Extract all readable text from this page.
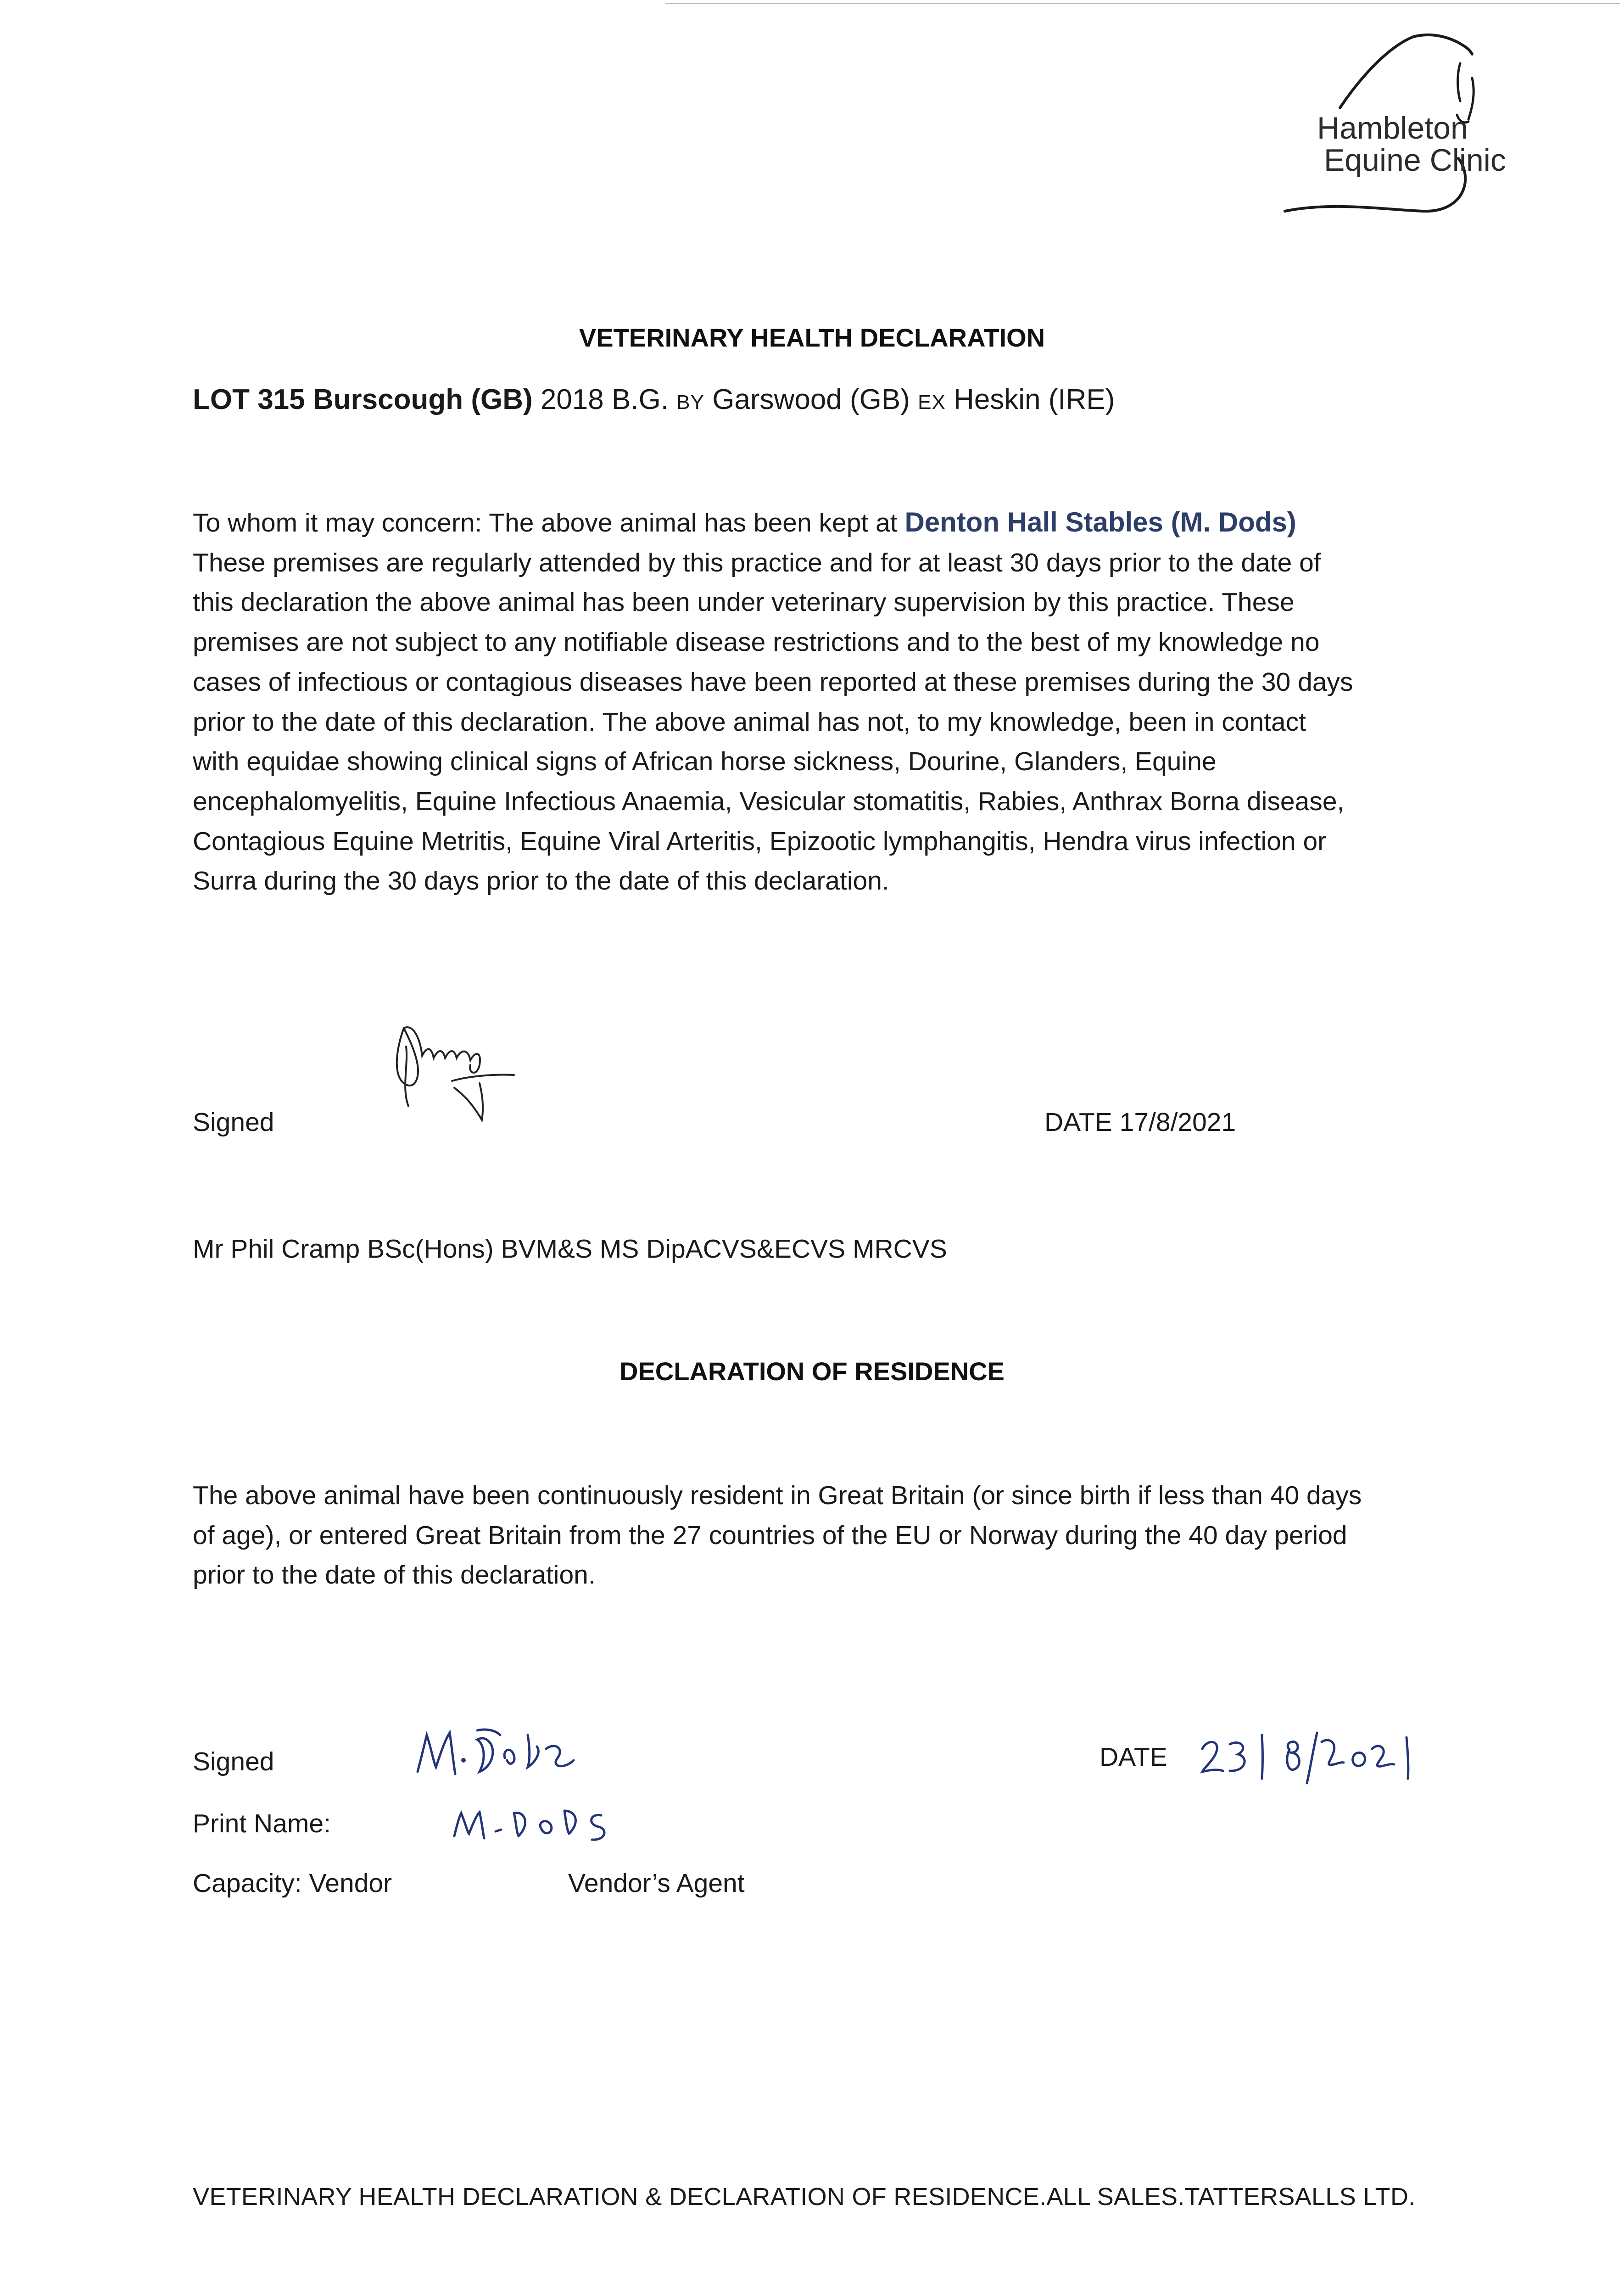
Hambleton
Equine Clinic
VETERINARY HEALTH DECLARATION
LOT 315 Burscough (GB) 2018 B.G. BY Garswood (GB) EX Heskin (IRE)
To whom it may concern: The above animal has been kept at Denton Hall Stables (M. Dods)
These premises are regularly attended by this practice and for at least 30 days prior to the date of
this declaration the above animal has been under veterinary supervision by this practice. These
premises are not subject to any notifiable disease restrictions and to the best of my knowledge no
cases of infectious or contagious diseases have been reported at these premises during the 30 days
prior to the date of this declaration. The above animal has not, to my knowledge, been in contact
with equidae showing clinical signs of African horse sickness, Dourine, Glanders, Equine
encephalomyelitis, Equine Infectious Anaemia, Vesicular stomatitis, Rabies, Anthrax Borna disease,
Contagious Equine Metritis, Equine Viral Arteritis, Epizootic lymphangitis, Hendra virus infection or
Surra during the 30 days prior to the date of this declaration.
Signed	DATE 17/8/2021
Mr Phil Cramp BSc(Hons) BVM&S MS DipACVS&ECVS MRCVS
DECLARATION OF RESIDENCE
The above animal have been continuously resident in Great Britain (or since birth if less than 40 days
of age), or entered Great Britain from the 27 countries of the EU or Norway during the 40 day period
prior to the date of this declaration.
Signed
Print Name:
DATE
Capacity: Vendor	Vendor’s Agent
VETERINARY HEALTH DECLARATION & DECLARATION OF RESIDENCE.ALL SALES.TATTERSALLS LTD.
